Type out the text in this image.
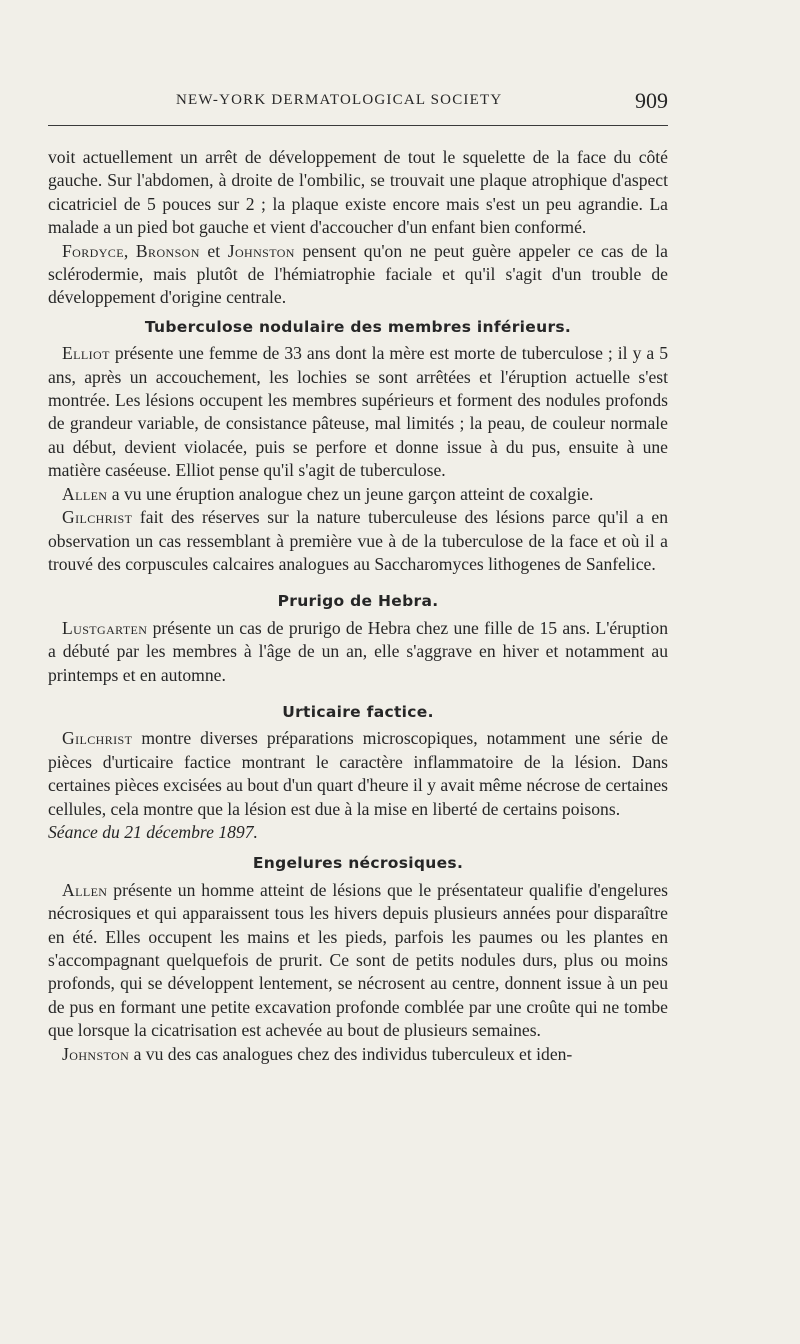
NEW-YORK DERMATOLOGICAL SOCIETY	909

voit actuellement un arrêt de développement de tout le squelette de la face du côté gauche. Sur l'abdomen, à droite de l'ombilic, se trouvait une plaque atrophique d'aspect cicatriciel de 5 pouces sur 2 ; la plaque existe encore mais s'est un peu agrandie. La malade a un pied bot gauche et vient d'accoucher d'un enfant bien conformé.

Fordyce, Bronson et Johnston pensent qu'on ne peut guère appeler ce cas de la sclérodermie, mais plutôt de l'hémiatrophie faciale et qu'il s'agit d'un trouble de développement d'origine centrale.

Tuberculose nodulaire des membres inférieurs.

Elliot présente une femme de 33 ans dont la mère est morte de tuberculose ; il y a 5 ans, après un accouchement, les lochies se sont arrêtées et l'éruption actuelle s'est montrée. Les lésions occupent les membres supérieurs et forment des nodules profonds de grandeur variable, de consistance pâteuse, mal limités ; la peau, de couleur normale au début, devient violacée, puis se perfore et donne issue à du pus, ensuite à une matière caséeuse. Elliot pense qu'il s'agit de tuberculose.

Allen a vu une éruption analogue chez un jeune garçon atteint de coxalgie.

Gilchrist fait des réserves sur la nature tuberculeuse des lésions parce qu'il a en observation un cas ressemblant à première vue à de la tuberculose de la face et où il a trouvé des corpuscules calcaires analogues au Saccharomyces lithogenes de Sanfelice.

Prurigo de Hebra.

Lustgarten présente un cas de prurigo de Hebra chez une fille de 15 ans. L'éruption a débuté par les membres à l'âge de un an, elle s'aggrave en hiver et notamment au printemps et en automne.

Urticaire factice.

Gilchrist montre diverses préparations microscopiques, notamment une série de pièces d'urticaire factice montrant le caractère inflammatoire de la lésion. Dans certaines pièces excisées au bout d'un quart d'heure il y avait même nécrose de certaines cellules, cela montre que la lésion est due à la mise en liberté de certains poisons.

Séance du 21 décembre 1897.

Engelures nécrosiques.

Allen présente un homme atteint de lésions que le présentateur qualifie d'engelures nécrosiques et qui apparaissent tous les hivers depuis plusieurs années pour disparaître en été. Elles occupent les mains et les pieds, parfois les paumes ou les plantes en s'accompagnant quelquefois de prurit. Ce sont de petits nodules durs, plus ou moins profonds, qui se développent lentement, se nécrosent au centre, donnent issue à un peu de pus en formant une petite excavation profonde comblée par une croûte qui ne tombe que lorsque la cicatrisation est achevée au bout de plusieurs semaines.

Johnston a vu des cas analogues chez des individus tuberculeux et iden-
